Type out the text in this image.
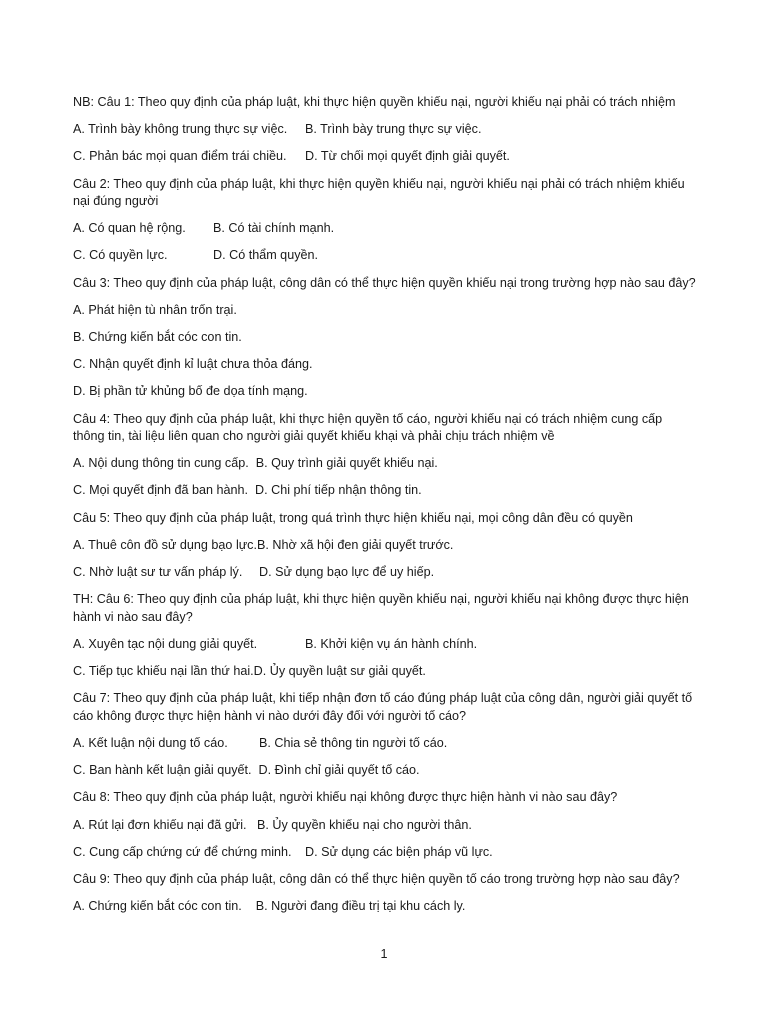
NB: Câu 1: Theo quy định của pháp luật, khi thực hiện quyền khiếu nại, người khiếu nại phải có trách nhiệm
A. Trình bày không trung thực sự việc.	B. Trình bày trung thực sự việc.
C. Phản bác mọi quan điểm trái chiều.	D. Từ chối mọi quyết định giải quyết.
Câu 2: Theo quy định của pháp luật, khi thực hiện quyền khiếu nại, người khiếu nại phải có trách nhiệm khiếu
nại đúng người
A. Có quan hệ rộng.	B. Có tài chính mạnh.
C. Có quyền lực.	D. Có thẩm quyền.
Câu 3: Theo quy định của pháp luật, công dân có thể thực hiện quyền khiếu nại trong trường hợp nào sau đây?
A. Phát hiện tù nhân trốn trại.
B. Chứng kiến bắt cóc con tin.
C. Nhận quyết định kỉ luật chưa thỏa đáng.
D. Bị phần tử khủng bố đe dọa tính mạng.
Câu 4: Theo quy định của pháp luật, khi thực hiện quyền tố cáo, người khiếu nại có trách nhiệm cung cấp
thông tin, tài liệu liên quan cho người giải quyết khiếu khại và phải chịu trách nhiệm về
A. Nội dung thông tin cung cấp.  B. Quy trình giải quyết khiếu nại.
C. Mọi quyết định đã ban hành.  D. Chi phí tiếp nhận thông tin.
Câu 5: Theo quy định của pháp luật, trong quá trình thực hiện khiếu nại, mọi công dân đều có quyền
A. Thuê côn đồ sử dụng bạo lực.B. Nhờ xã hội đen giải quyết trước.
C. Nhờ luật sư tư vấn pháp lý.	D. Sử dụng bạo lực để uy hiếp.
TH: Câu 6: Theo quy định của pháp luật, khi thực hiện quyền khiếu nại, người khiếu nại không được thực hiện
hành vi nào sau đây?
A. Xuyên tạc nội dung giải quyết.	B. Khởi kiện vụ án hành chính.
C. Tiếp tục khiếu nại lần thứ hai.D. Ủy quyền luật sư giải quyết.
Câu 7: Theo quy định của pháp luật, khi tiếp nhận đơn tố cáo đúng pháp luật của công dân, người giải quyết tố
cáo không được thực hiện hành vi nào dưới đây đối với người tố cáo?
A. Kết luận nội dung tố cáo.	B. Chia sẻ thông tin người tố cáo.
C. Ban hành kết luận giải quyết.  D. Đình chỉ giải quyết tố cáo.
Câu 8: Theo quy định của pháp luật, người khiếu nại không được thực hiện hành vi nào sau đây?
A. Rút lại đơn khiếu nại đã gửi.   B. Ủy quyền khiếu nại cho người thân.
C. Cung cấp chứng cứ để chứng minh.	D. Sử dụng các biện pháp vũ lực.
Câu 9: Theo quy định của pháp luật, công dân có thể thực hiện quyền tố cáo trong trường hợp nào sau đây?
A. Chứng kiến bắt cóc con tin.    B. Người đang điều trị tại khu cách ly.
1
